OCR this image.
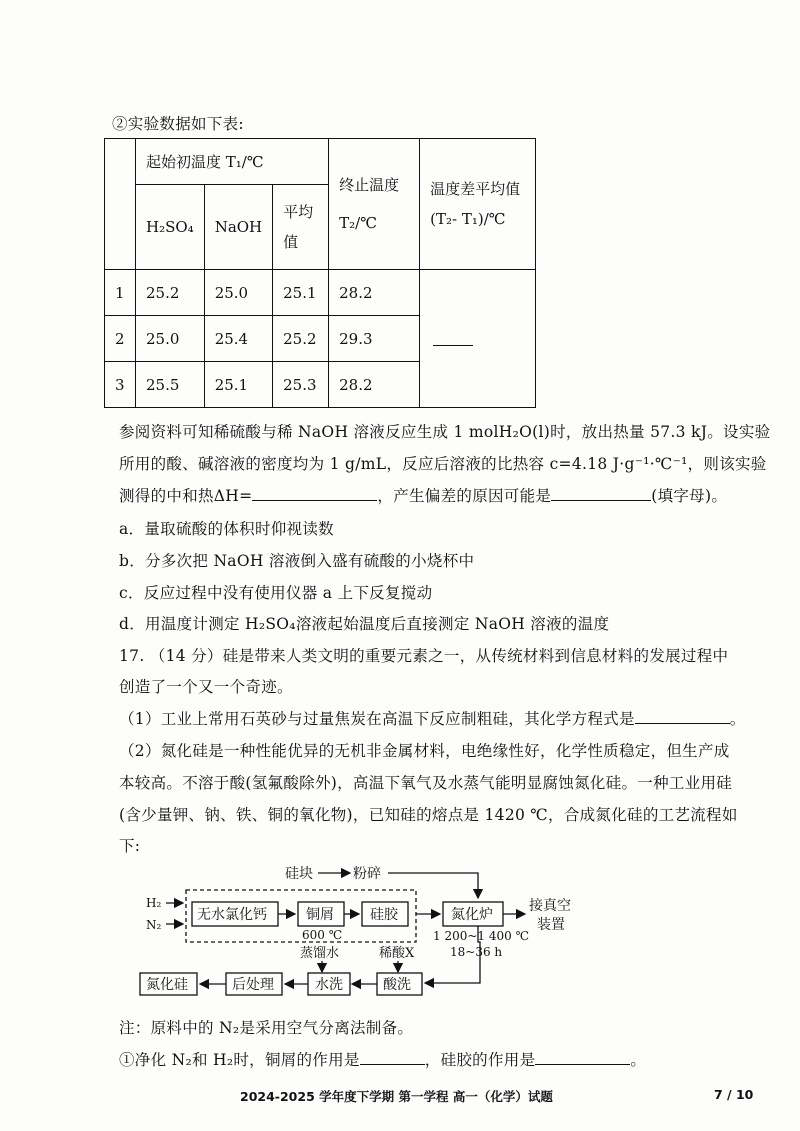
②实验数据如下表:
	起始初温度 T₁/℃			终止温度T₂/℃	温度差平均值(T₂- T₁)/℃
	H₂SO₄	NaOH	平均值		
1	25.2	25.0	25.1	28.2	

2	25.0	25.4	25.2	29.3	
3	25.5	25.1	25.3	28.2	
参阅资料可知稀硫酸与稀 NaOH 溶液反应生成 1 molH₂O(l)时，放出热量 57.3 kJ。设实验
所用的酸、碱溶液的密度均为 1 g/mL，反应后溶液的比热容 c=4.18 J·g⁻¹·℃⁻¹，则该实验
测得的中和热ΔH=	，产生偏差的原因可能是	(填字母)。
a．量取硫酸的体积时仰视读数
b．分多次把 NaOH 溶液倒入盛有硫酸的小烧杯中
c．反应过程中没有使用仪器 a 上下反复搅动
d．用温度计测定 H₂SO₄溶液起始温度后直接测定 NaOH 溶液的温度
17. （14 分）硅是带来人类文明的重要元素之一，从传统材料到信息材料的发展过程中
创造了一个又一个奇迹。
（1）工业上常用石英砂与过量焦炭在高温下反应制粗硅，其化学方程式是	。
（2）氮化硅是一种性能优异的无机非金属材料，电绝缘性好，化学性质稳定，但生产成
本较高。不溶于酸(氢氟酸除外)，高温下氧气及水蒸气能明显腐蚀氮化硅。一种工业用硅
(含少量钾、钠、铁、铜的氧化物)，已知硅的熔点是 1420 ℃，合成氮化硅的工艺流程如
下:
硅块	粉碎
H₂
N₂
无水氯化钙	铜屑
600 ℃
硅胶	氮化炉
接真空
装置
1 200~1 400 ℃
18~36 h
蒸馏水	稀酸X
酸洗
水洗
后处理
氮化硅
注：原料中的 N₂是采用空气分离法制备。
①净化 N₂和 H₂时，铜屑的作用是	，硅胶的作用是	。
2024-2025 学年度下学期 第一学程 高一（化学）试题	7 / 10
